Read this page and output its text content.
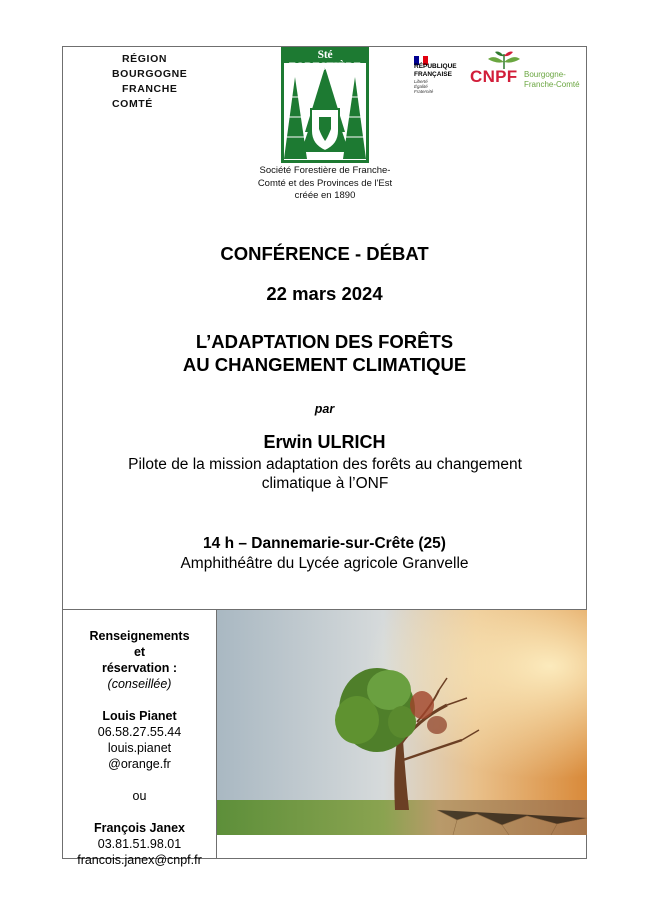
RÉGION
BOURGOGNE
FRANCHE
COMTÉ
Sté FORESTIÈRE
Société Forestière de Franche-
Comté et des Provinces de l'Est
créée en 1890
RÉPUBLIQUE
FRANÇAISE
Liberté
Égalité
Fraternité
CNPF Bourgogne-
Franche-Comté
CONFÉRENCE - DÉBAT
22 mars 2024
L’ADAPTATION DES FORÊTS
AU CHANGEMENT CLIMATIQUE
par
Erwin ULRICH
Pilote de la mission adaptation des forêts au changement
climatique à l’ONF
14 h – Dannemarie-sur-Crête (25)
Amphithéâtre du Lycée agricole Granvelle
Renseignements
et
réservation :
(conseillée)
Louis Pianet
06.58.27.55.44
louis.pianet
@orange.fr
ou
François Janex
03.81.51.98.01
francois.janex@cnpf.fr
